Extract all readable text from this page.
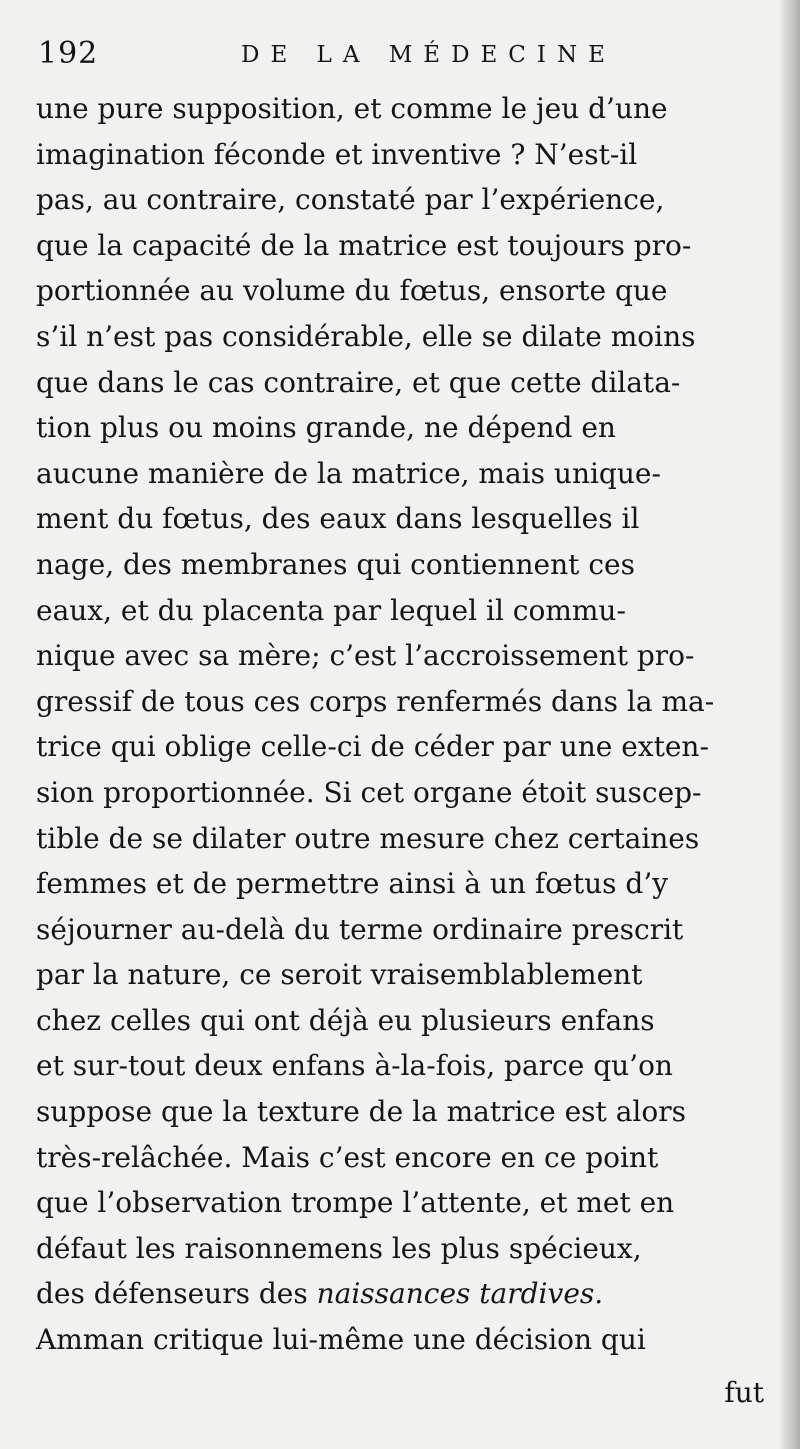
192	DE LA MÉDECINE
une pure supposition, et comme le jeu d’une
imagination féconde et inventive ? N’est-il
pas, au contraire, constaté par l’expérience,
que la capacité de la matrice est toujours pro-
portionnée au volume du fœtus, ensorte que
s’il n’est pas considérable, elle se dilate moins
que dans le cas contraire, et que cette dilata-
tion plus ou moins grande, ne dépend en
aucune manière de la matrice, mais unique-
ment du fœtus, des eaux dans lesquelles il
nage, des membranes qui contiennent ces
eaux, et du placenta par lequel il commu-
nique avec sa mère; c’est l’accroissement pro-
gressif de tous ces corps renfermés dans la ma-
trice qui oblige celle-ci de céder par une exten-
sion proportionnée. Si cet organe étoit suscep-
tible de se dilater outre mesure chez certaines
femmes et de permettre ainsi à un fœtus d’y
séjourner au-delà du terme ordinaire prescrit
par la nature, ce seroit vraisemblablement
chez celles qui ont déjà eu plusieurs enfans
et sur-tout deux enfans à-la-fois, parce qu’on
suppose que la texture de la matrice est alors
très-relâchée. Mais c’est encore en ce point
que l’observation trompe l’attente, et met en
défaut les raisonnemens les plus spécieux,
des défenseurs des naissances tardives.
Amman critique lui-même une décision qui
fut
